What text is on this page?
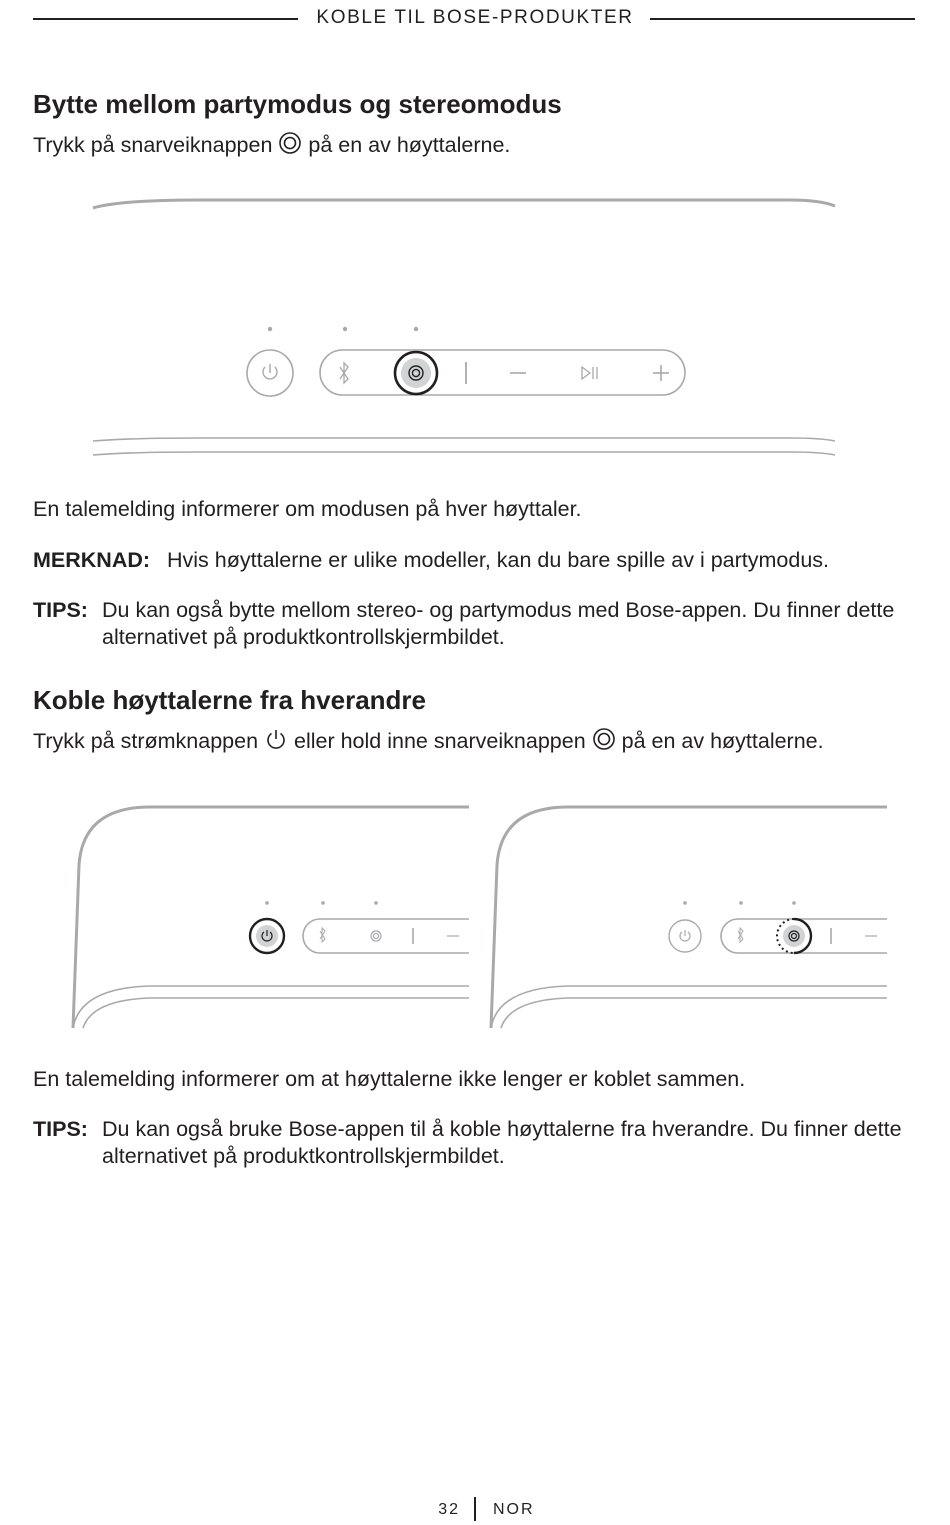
KOBLE TIL BOSE-PRODUKTER
Bytte mellom partymodus og stereomodus
Trykk på snarveiknappen på en av høyttalerne.
En talemelding informerer om modusen på hver høyttaler.
MERKNAD: Hvis høyttalerne er ulike modeller, kan du bare spille av i partymodus.
TIPS: Du kan også bytte mellom stereo- og partymodus med Bose-appen. Du finner dette alternativet på produktkontrollskjermbildet.
Koble høyttalerne fra hverandre
Trykk på strømknappen eller hold inne snarveiknappen på en av høyttalerne.
En talemelding informerer om at høyttalerne ikke lenger er koblet sammen.
TIPS: Du kan også bruke Bose-appen til å koble høyttalerne fra hverandre. Du finner dette alternativet på produktkontrollskjermbildet.
32 NOR
